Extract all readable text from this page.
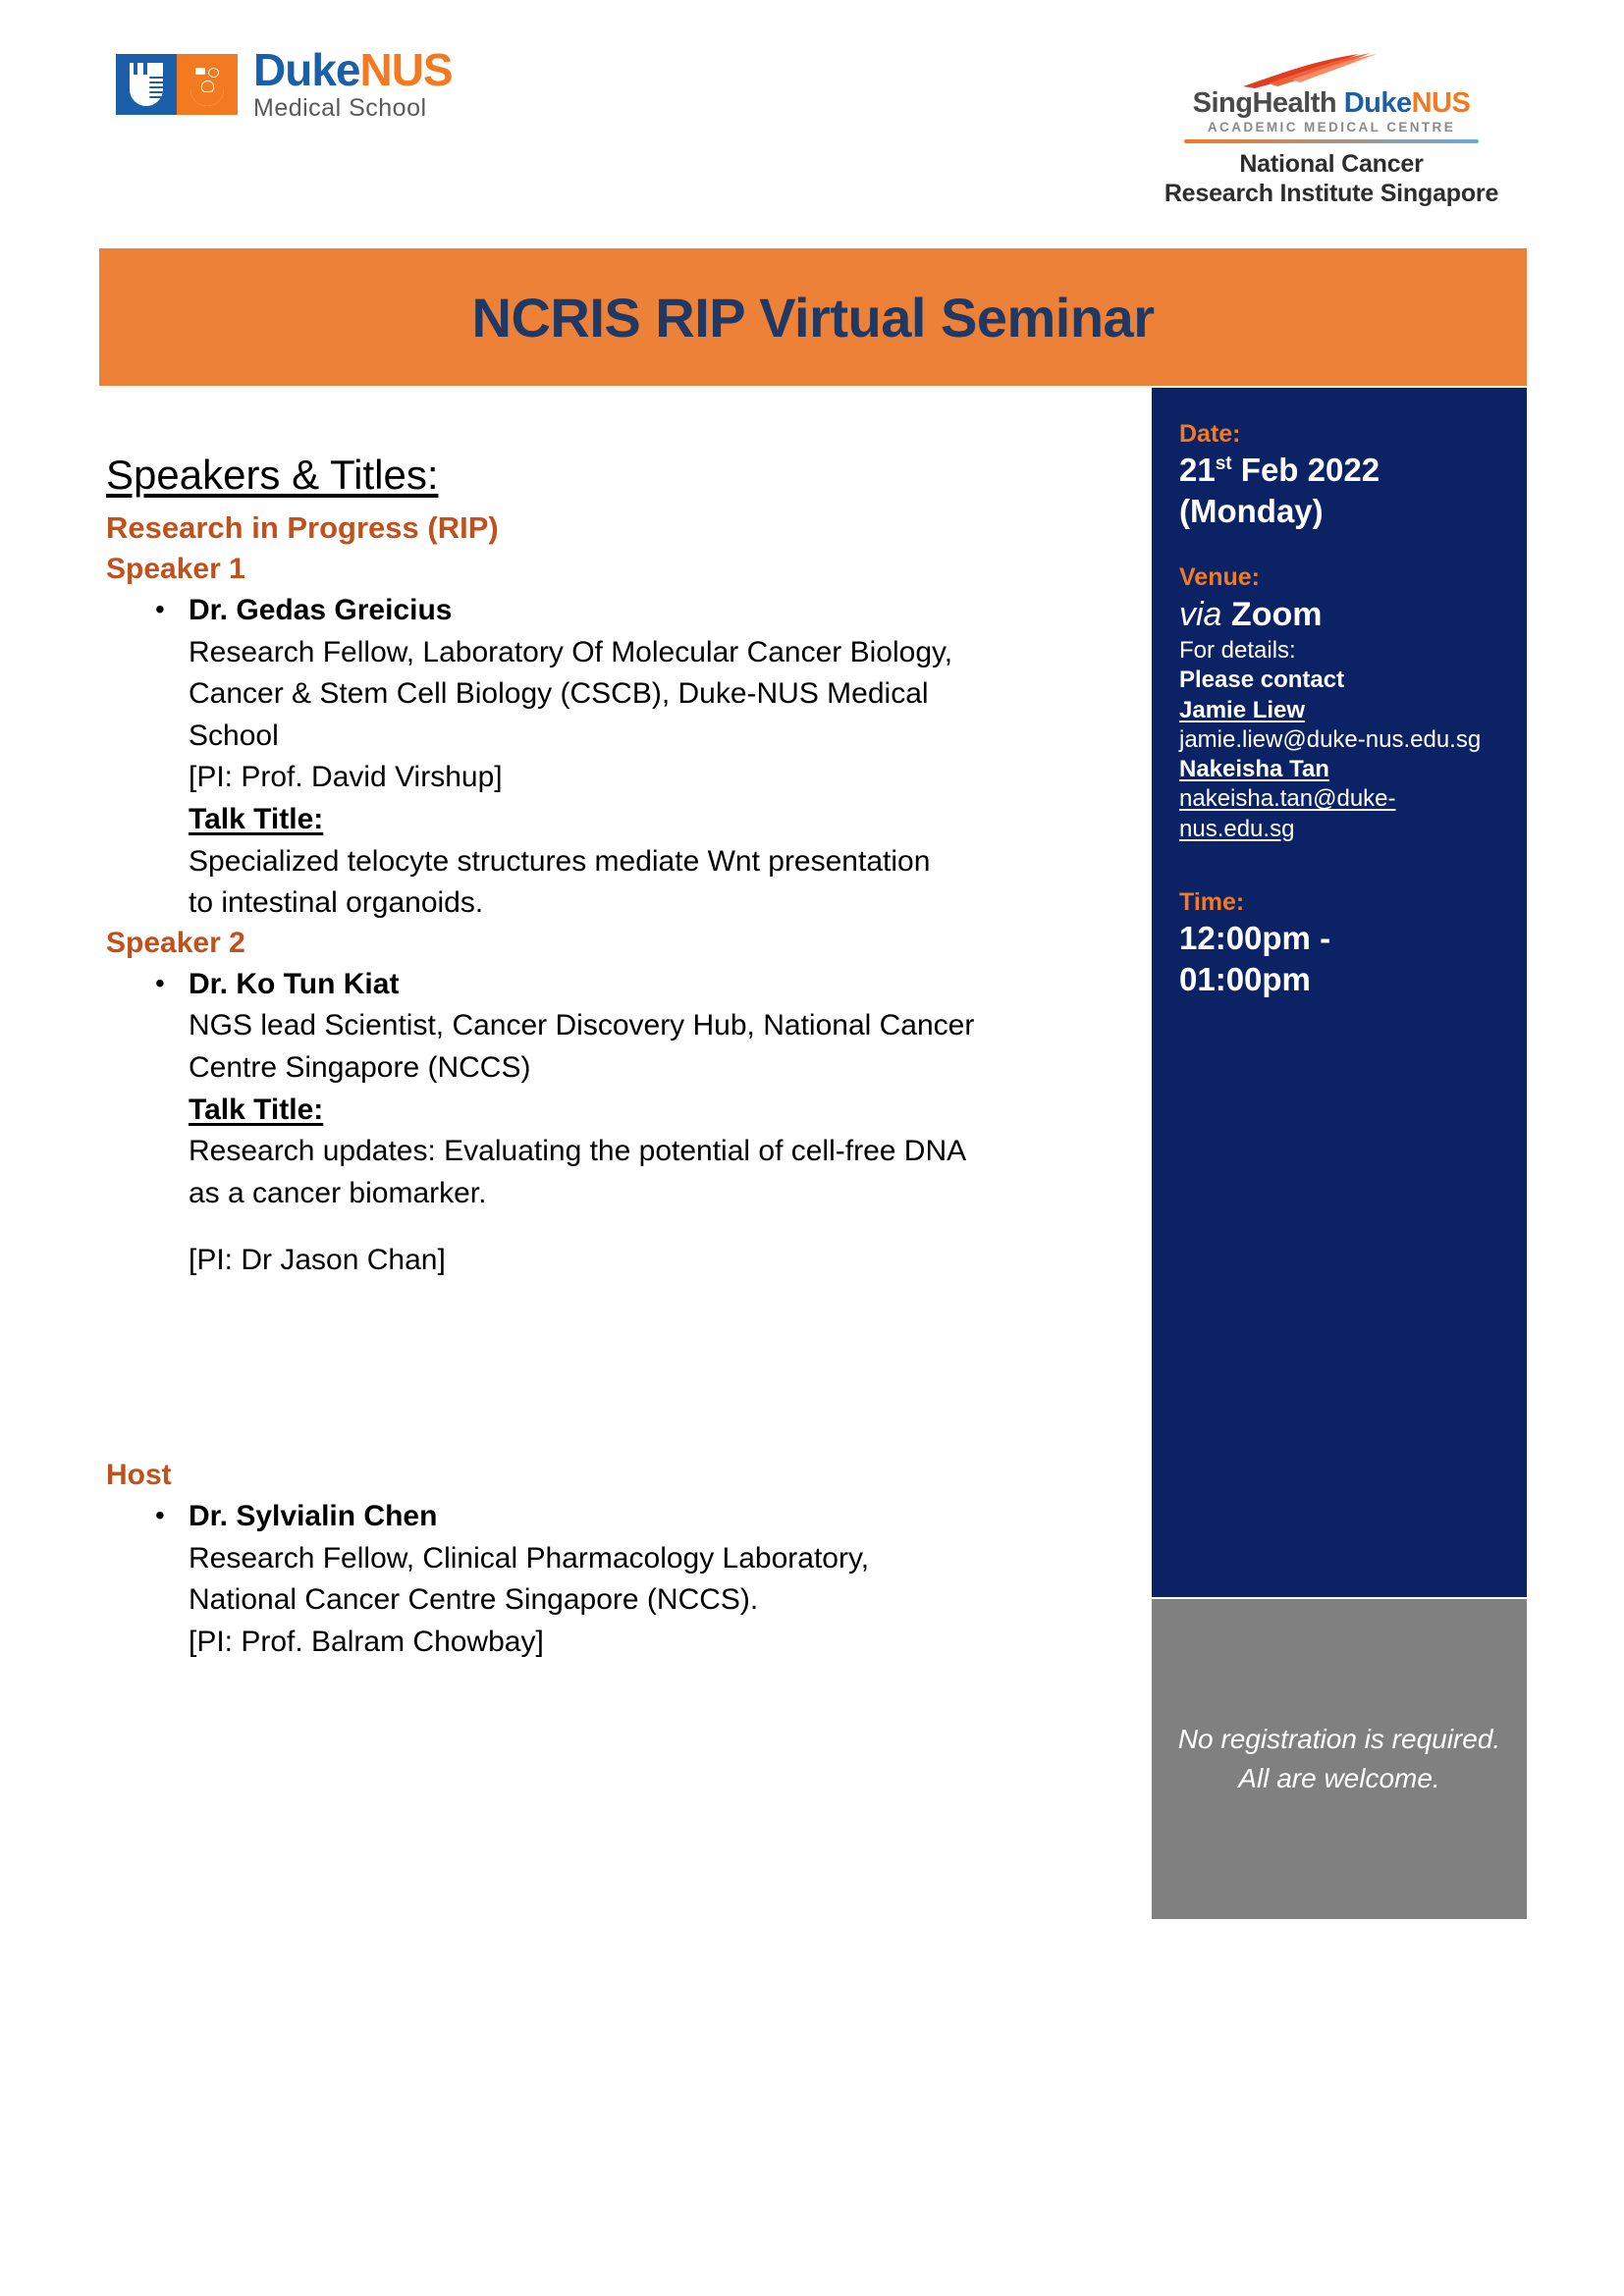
DukeNUS
Medical School	SingHealth DukeNUS
ACADEMIC MEDICAL CENTRE
National Cancer
Research Institute Singapore
NCRIS RIP Virtual Seminar
Speakers & Titles:
Research in Progress (RIP)
Speaker 1
• Dr. Gedas Greicius
Research Fellow, Laboratory Of Molecular Cancer Biology,
Cancer & Stem Cell Biology (CSCB), Duke-NUS Medical
School
[PI: Prof. David Virshup]
Talk Title:
Specialized telocyte structures mediate Wnt presentation
to intestinal organoids.
Speaker 2
• Dr. Ko Tun Kiat
NGS lead Scientist, Cancer Discovery Hub, National Cancer
Centre Singapore (NCCS)
Talk Title:
Research updates: Evaluating the potential of cell-free DNA
as a cancer biomarker.
[PI: Dr Jason Chan]
Host
• Dr. Sylvialin Chen
Research Fellow, Clinical Pharmacology Laboratory,
National Cancer Centre Singapore (NCCS).
[PI: Prof. Balram Chowbay]
Date:
21st Feb 2022
(Monday)
Venue:
via Zoom
For details:
Please contact
Jamie Liew
jamie.liew@duke-nus.edu.sg
Nakeisha Tan
nakeisha.tan@duke-nus.edu.sg
Time:
12:00pm -
01:00pm
No registration is required. All are welcome.
